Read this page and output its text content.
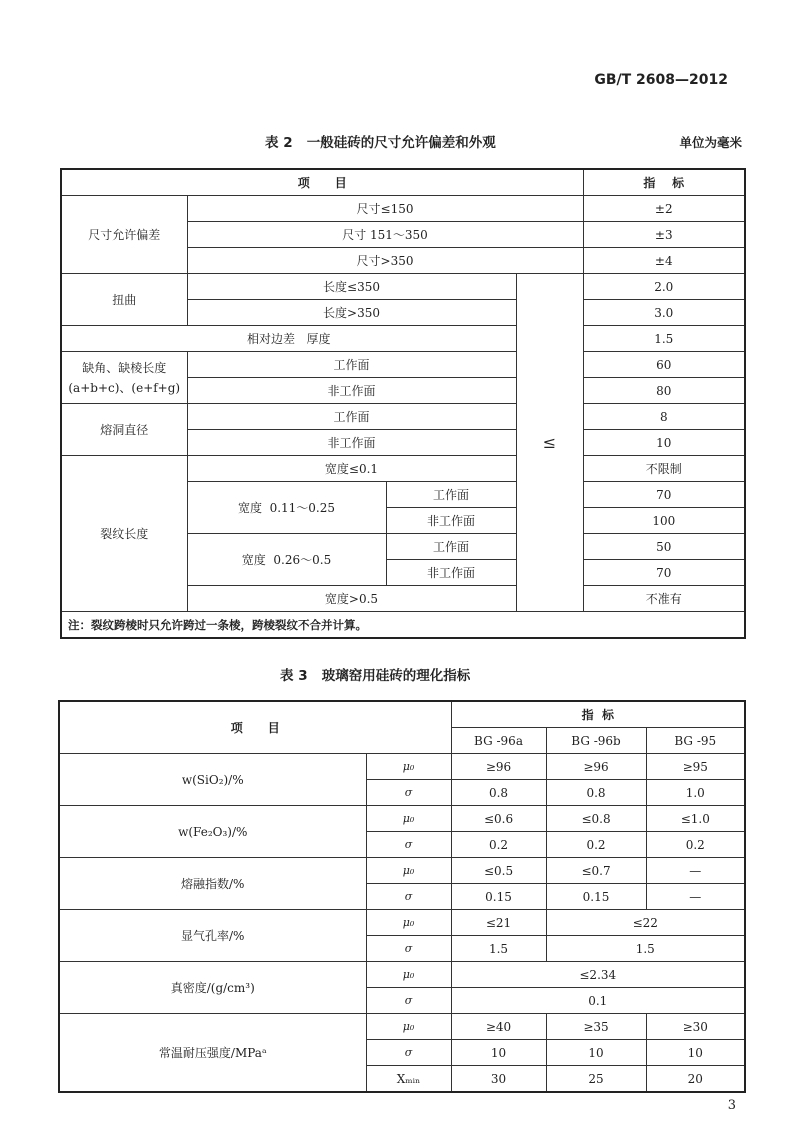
GB/T 2608—2012
表 2   一般硅砖的尺寸允许偏差和外观	单位为毫米
项      目				指    标
尺寸允许偏差	尺寸≤150			±2
	尺寸 151～350			±3
	尺寸>350			±4
扭曲	长度≤350		≤	2.0
	长度>350			3.0
相对边差   厚度				1.5
缺角、缺棱长度
(a+b+c)、(e+f+g)	工作面			60
	非工作面			80
熔洞直径	工作面			8
	非工作面			10
裂纹长度	宽度≤0.1			不限制
	宽度  0.11～0.25	工作面		70
		非工作面		100
	宽度  0.26～0.5	工作面		50
		非工作面		70
	宽度>0.5			不准有
注：裂纹跨棱时只允许跨过一条棱，跨棱裂纹不合并计算。				
表 3   玻璃窑用硅砖的理化指标
项      目		指  标		
		BG -96a	BG -96b	BG -95
w(SiO₂)/%	μ₀	≥96	≥96	≥95
	σ	0.8	0.8	1.0
w(Fe₂O₃)/%	μ₀	≤0.6	≤0.8	≤1.0
	σ	0.2	0.2	0.2
熔融指数/%	μ₀	≤0.5	≤0.7	—
	σ	0.15	0.15	—
显气孔率/%	μ₀	≤21	≤22	
	σ	1.5	1.5	
真密度/(g/cm³)	μ₀	≤2.34		
	σ	0.1		
常温耐压强度/MPaᵃ	μ₀	≥40	≥35	≥30
	σ	10	10	10
	Xₘᵢₙ	30	25	20
3
